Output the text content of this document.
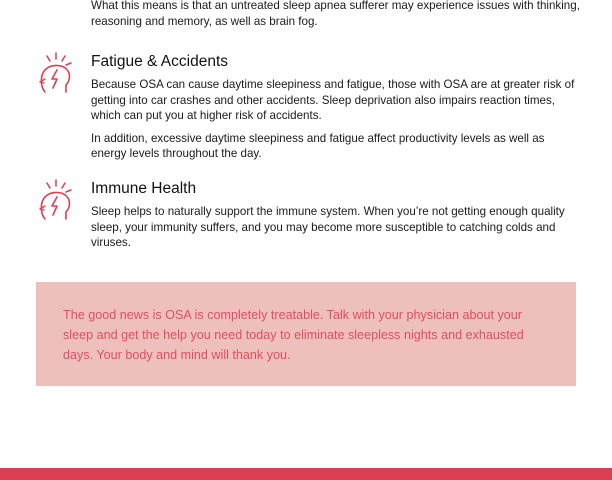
What this means is that an untreated sleep apnea sufferer may experience issues with thinking, reasoning and memory, as well as brain fog.
Fatigue & Accidents

Because OSA can cause daytime sleepiness and fatigue, those with OSA are at greater risk of getting into car crashes and other accidents. Sleep deprivation also impairs reaction times, which can put you at higher risk of accidents.

In addition, excessive daytime sleepiness and fatigue affect productivity levels as well as energy levels throughout the day.

Immune Health

Sleep helps to naturally support the immune system. When you’re not getting enough quality sleep, your immunity suffers, and you may become more susceptible to catching colds and viruses.

The good news is OSA is completely treatable. Talk with your physician about your sleep and get the help you need today to eliminate sleepless nights and exhausted days. Your body and mind will thank you.
